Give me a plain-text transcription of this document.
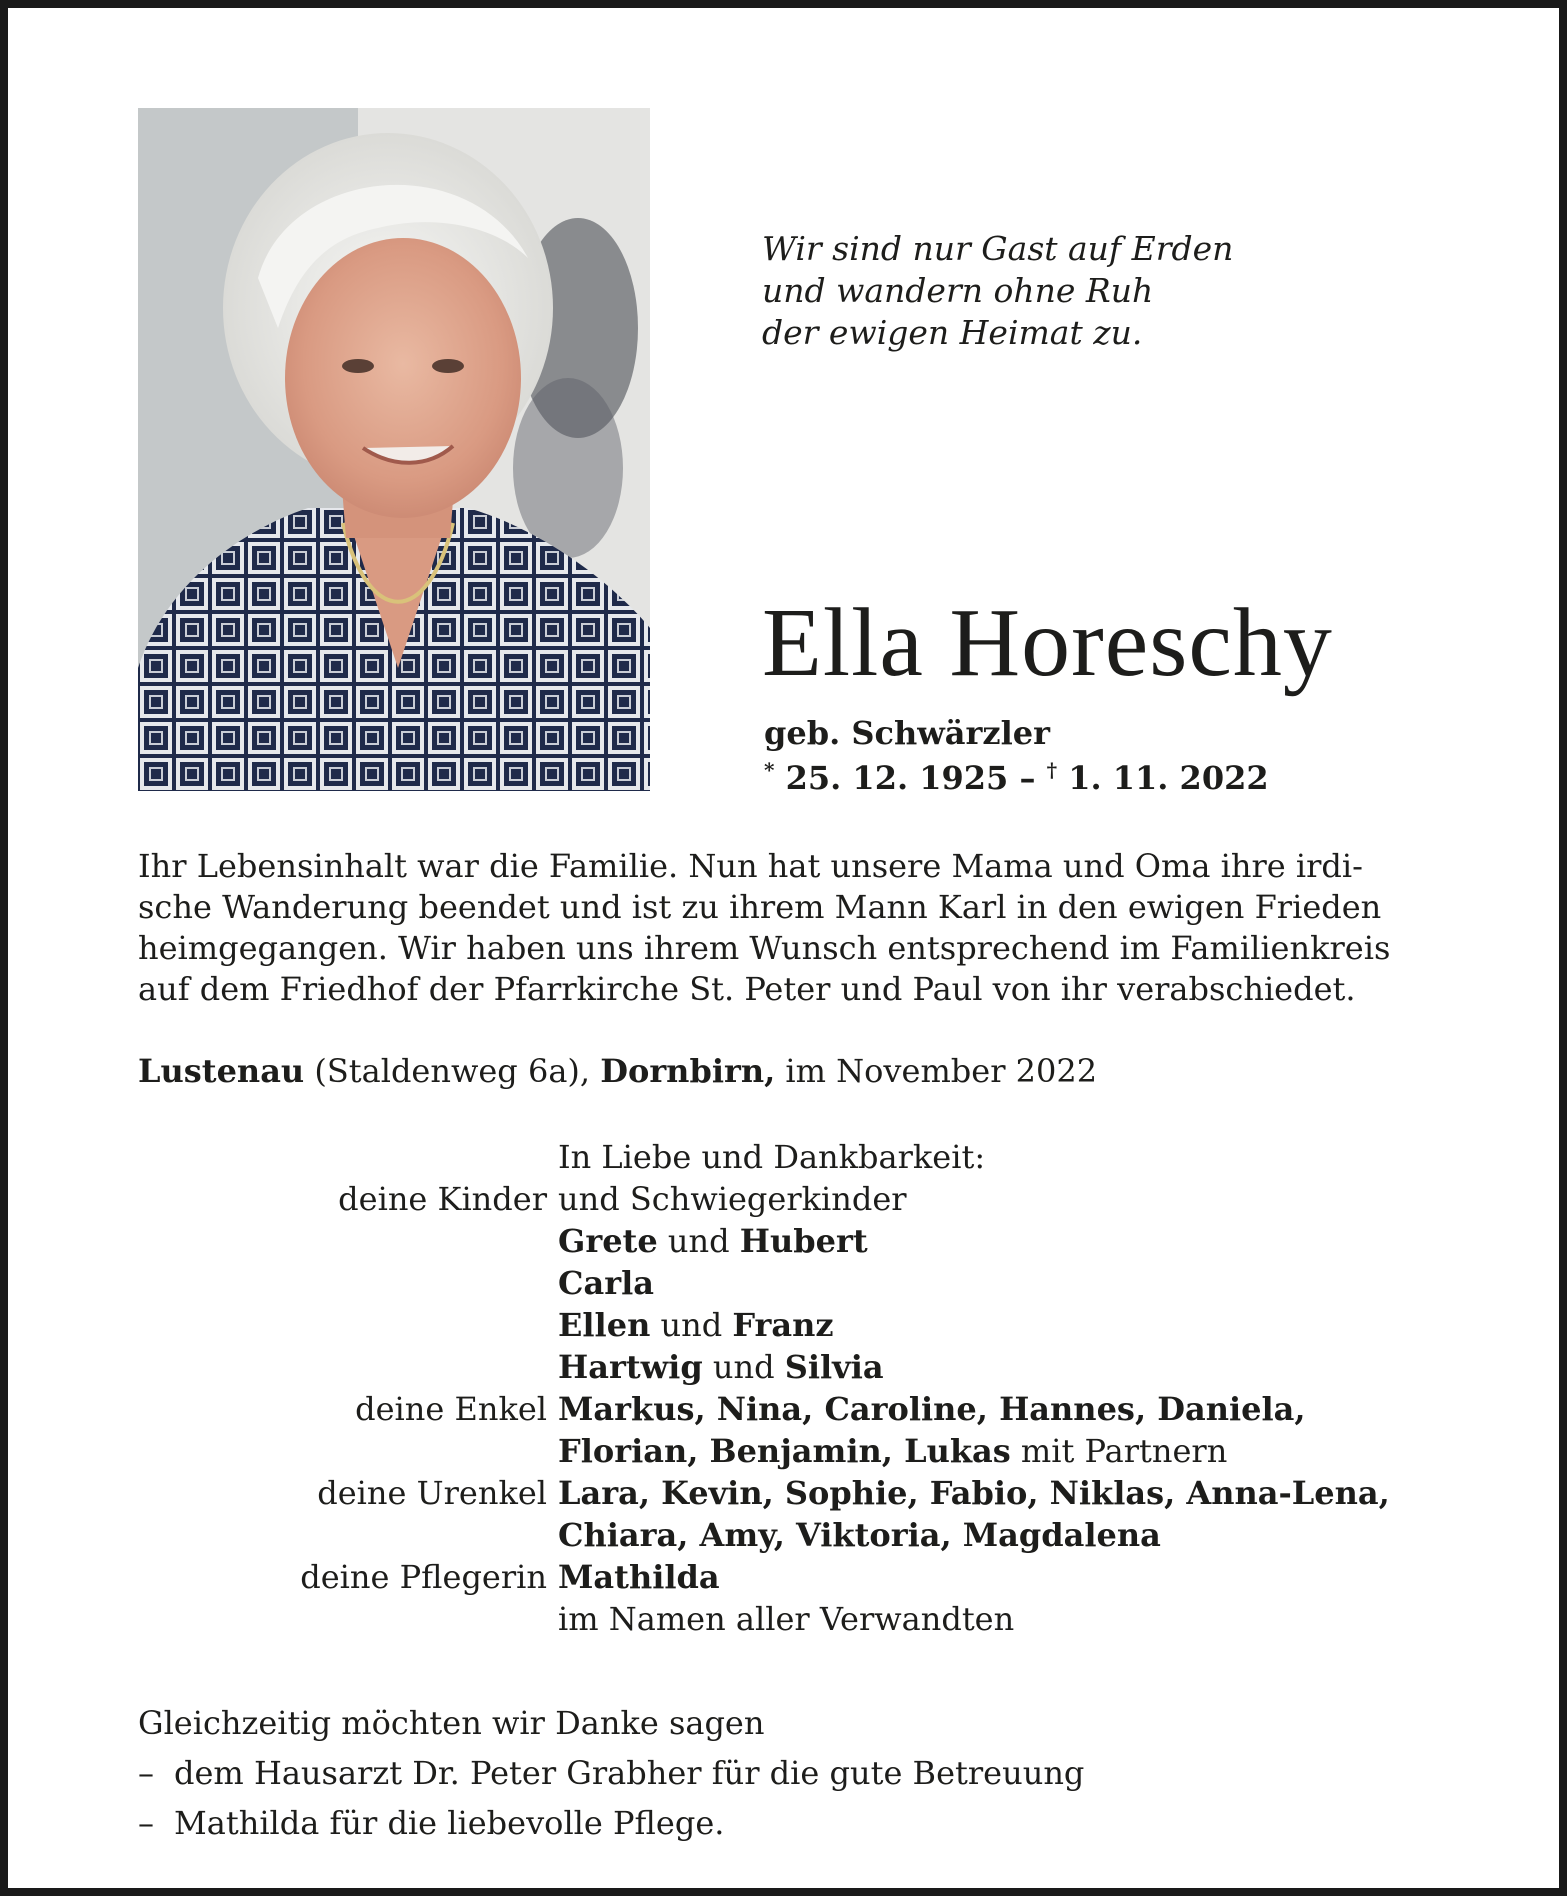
Wir sind nur Gast auf Erden
und wandern ohne Ruh
der ewigen Heimat zu.
Ella Horeschy
geb. Schwärzler
* 25. 12. 1925 – † 1. 11. 2022
Ihr Lebensinhalt war die Familie. Nun hat unsere Mama und Oma ihre irdi-
sche Wanderung beendet und ist zu ihrem Mann Karl in den ewigen Frieden
heimgegangen. Wir haben uns ihrem Wunsch entsprechend im Familienkreis
auf dem Friedhof der Pfarrkirche St. Peter und Paul von ihr verabschiedet.
Lustenau (Staldenweg 6a), Dornbirn, im November 2022
In Liebe und Dankbarkeit:
deine Kinder und Schwiegerkinder
Grete und Hubert
Carla
Ellen und Franz
Hartwig und Silvia
deine Enkel Markus, Nina, Caroline, Hannes, Daniela,
Florian, Benjamin, Lukas mit Partnern
deine Urenkel Lara, Kevin, Sophie, Fabio, Niklas, Anna-Lena,
Chiara, Amy, Viktoria, Magdalena
deine Pflegerin Mathilda
im Namen aller Verwandten
Gleichzeitig möchten wir Danke sagen
– dem Hausarzt Dr. Peter Grabher für die gute Betreuung
– Mathilda für die liebevolle Pflege.
